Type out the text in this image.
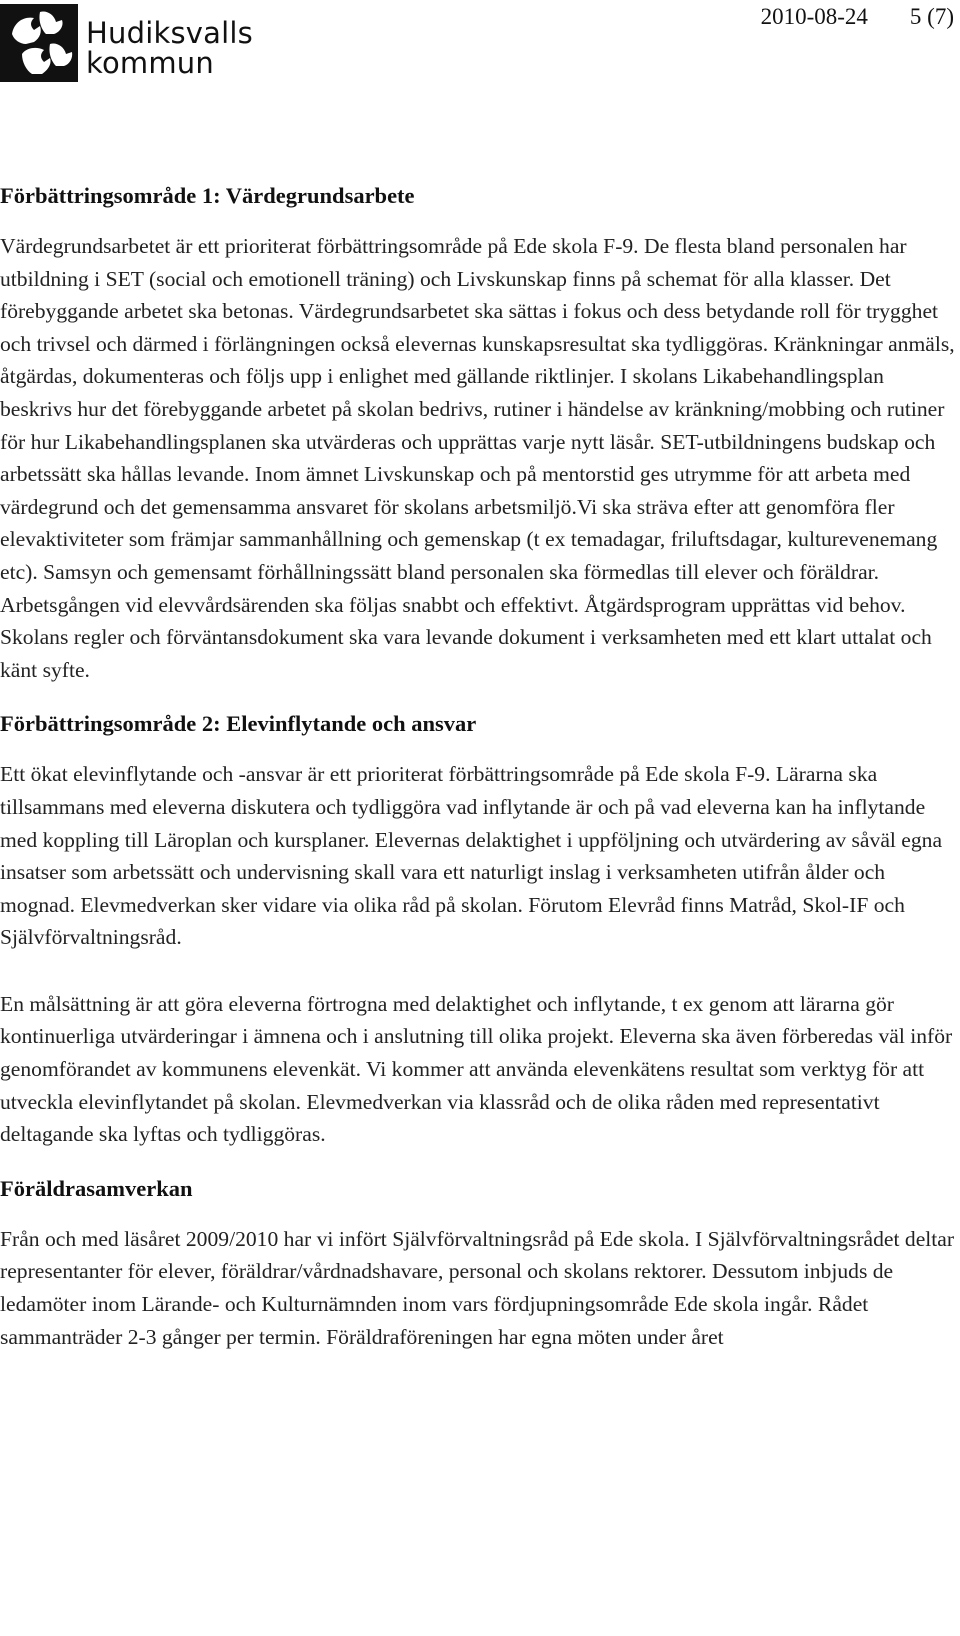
Hudiksvalls
kommun
2010-08-24 5 (7)
Förbättringsområde 1: Värdegrundsarbete

Värdegrundsarbetet är ett prioriterat förbättringsområde på Ede skola F-9. De flesta bland personalen har utbildning i SET (social och emotionell träning) och Livskunskap finns på schemat för alla klasser. Det förebyggande arbetet ska betonas. Värdegrundsarbetet ska sättas i fokus och dess betydande roll för trygghet och trivsel och därmed i förlängningen också elevernas kunskapsresultat ska tydliggöras. Kränkningar anmäls, åtgärdas, dokumenteras och följs upp i enlighet med gällande riktlinjer. I skolans Likabehandlingsplan beskrivs hur det förebyggande arbetet på skolan bedrivs, rutiner i händelse av kränkning/mobbing och rutiner för hur Likabehandlingsplanen ska utvärderas och upprättas varje nytt läsår. SET-utbildningens budskap och arbetssätt ska hållas levande. Inom ämnet Livskunskap och på mentorstid ges utrymme för att arbeta med värdegrund och det gemensamma ansvaret för skolans arbetsmiljö.Vi ska sträva efter att genomföra fler elevaktiviteter som främjar sammanhållning och gemenskap (t ex temadagar, friluftsdagar, kulturevenemang etc). Samsyn och gemensamt förhållningssätt bland personalen ska förmedlas till elever och föräldrar. Arbetsgången vid elevvårdsärenden ska följas snabbt och effektivt. Åtgärdsprogram upprättas vid behov. Skolans regler och förväntansdokument ska vara levande dokument i verksamheten med ett klart uttalat och känt syfte.

Förbättringsområde 2: Elevinflytande och ansvar

Ett ökat elevinflytande och -ansvar är ett prioriterat förbättringsområde på Ede skola F-9. Lärarna ska tillsammans med eleverna diskutera och tydliggöra vad inflytande är och på vad eleverna kan ha inflytande med koppling till Läroplan och kursplaner. Elevernas delaktighet i uppföljning och utvärdering av såväl egna insatser som arbetssätt och undervisning skall vara ett naturligt inslag i verksamheten utifrån ålder och mognad. Elevmedverkan sker vidare via olika råd på skolan. Förutom Elevråd finns Matråd, Skol-IF och Självförvaltningsråd.

En målsättning är att göra eleverna förtrogna med delaktighet och inflytande, t ex genom att lärarna gör kontinuerliga utvärderingar i ämnena och i anslutning till olika projekt. Eleverna ska även förberedas väl inför genomförandet av kommunens elevenkät. Vi kommer att använda elevenkätens resultat som verktyg för att utveckla elevinflytandet på skolan. Elevmedverkan via klassråd och de olika råden med representativt deltagande ska lyftas och tydliggöras.

Föräldrasamverkan

Från och med läsåret 2009/2010 har vi infört Självförvaltningsråd på Ede skola. I Självförvaltningsrådet deltar representanter för elever, föräldrar/vårdnadshavare, personal och skolans rektorer. Dessutom inbjuds de ledamöter inom Lärande- och Kulturnämnden inom vars fördjupningsområde Ede skola ingår. Rådet sammanträder 2-3 gånger per termin. Föräldraföreningen har egna möten under året
